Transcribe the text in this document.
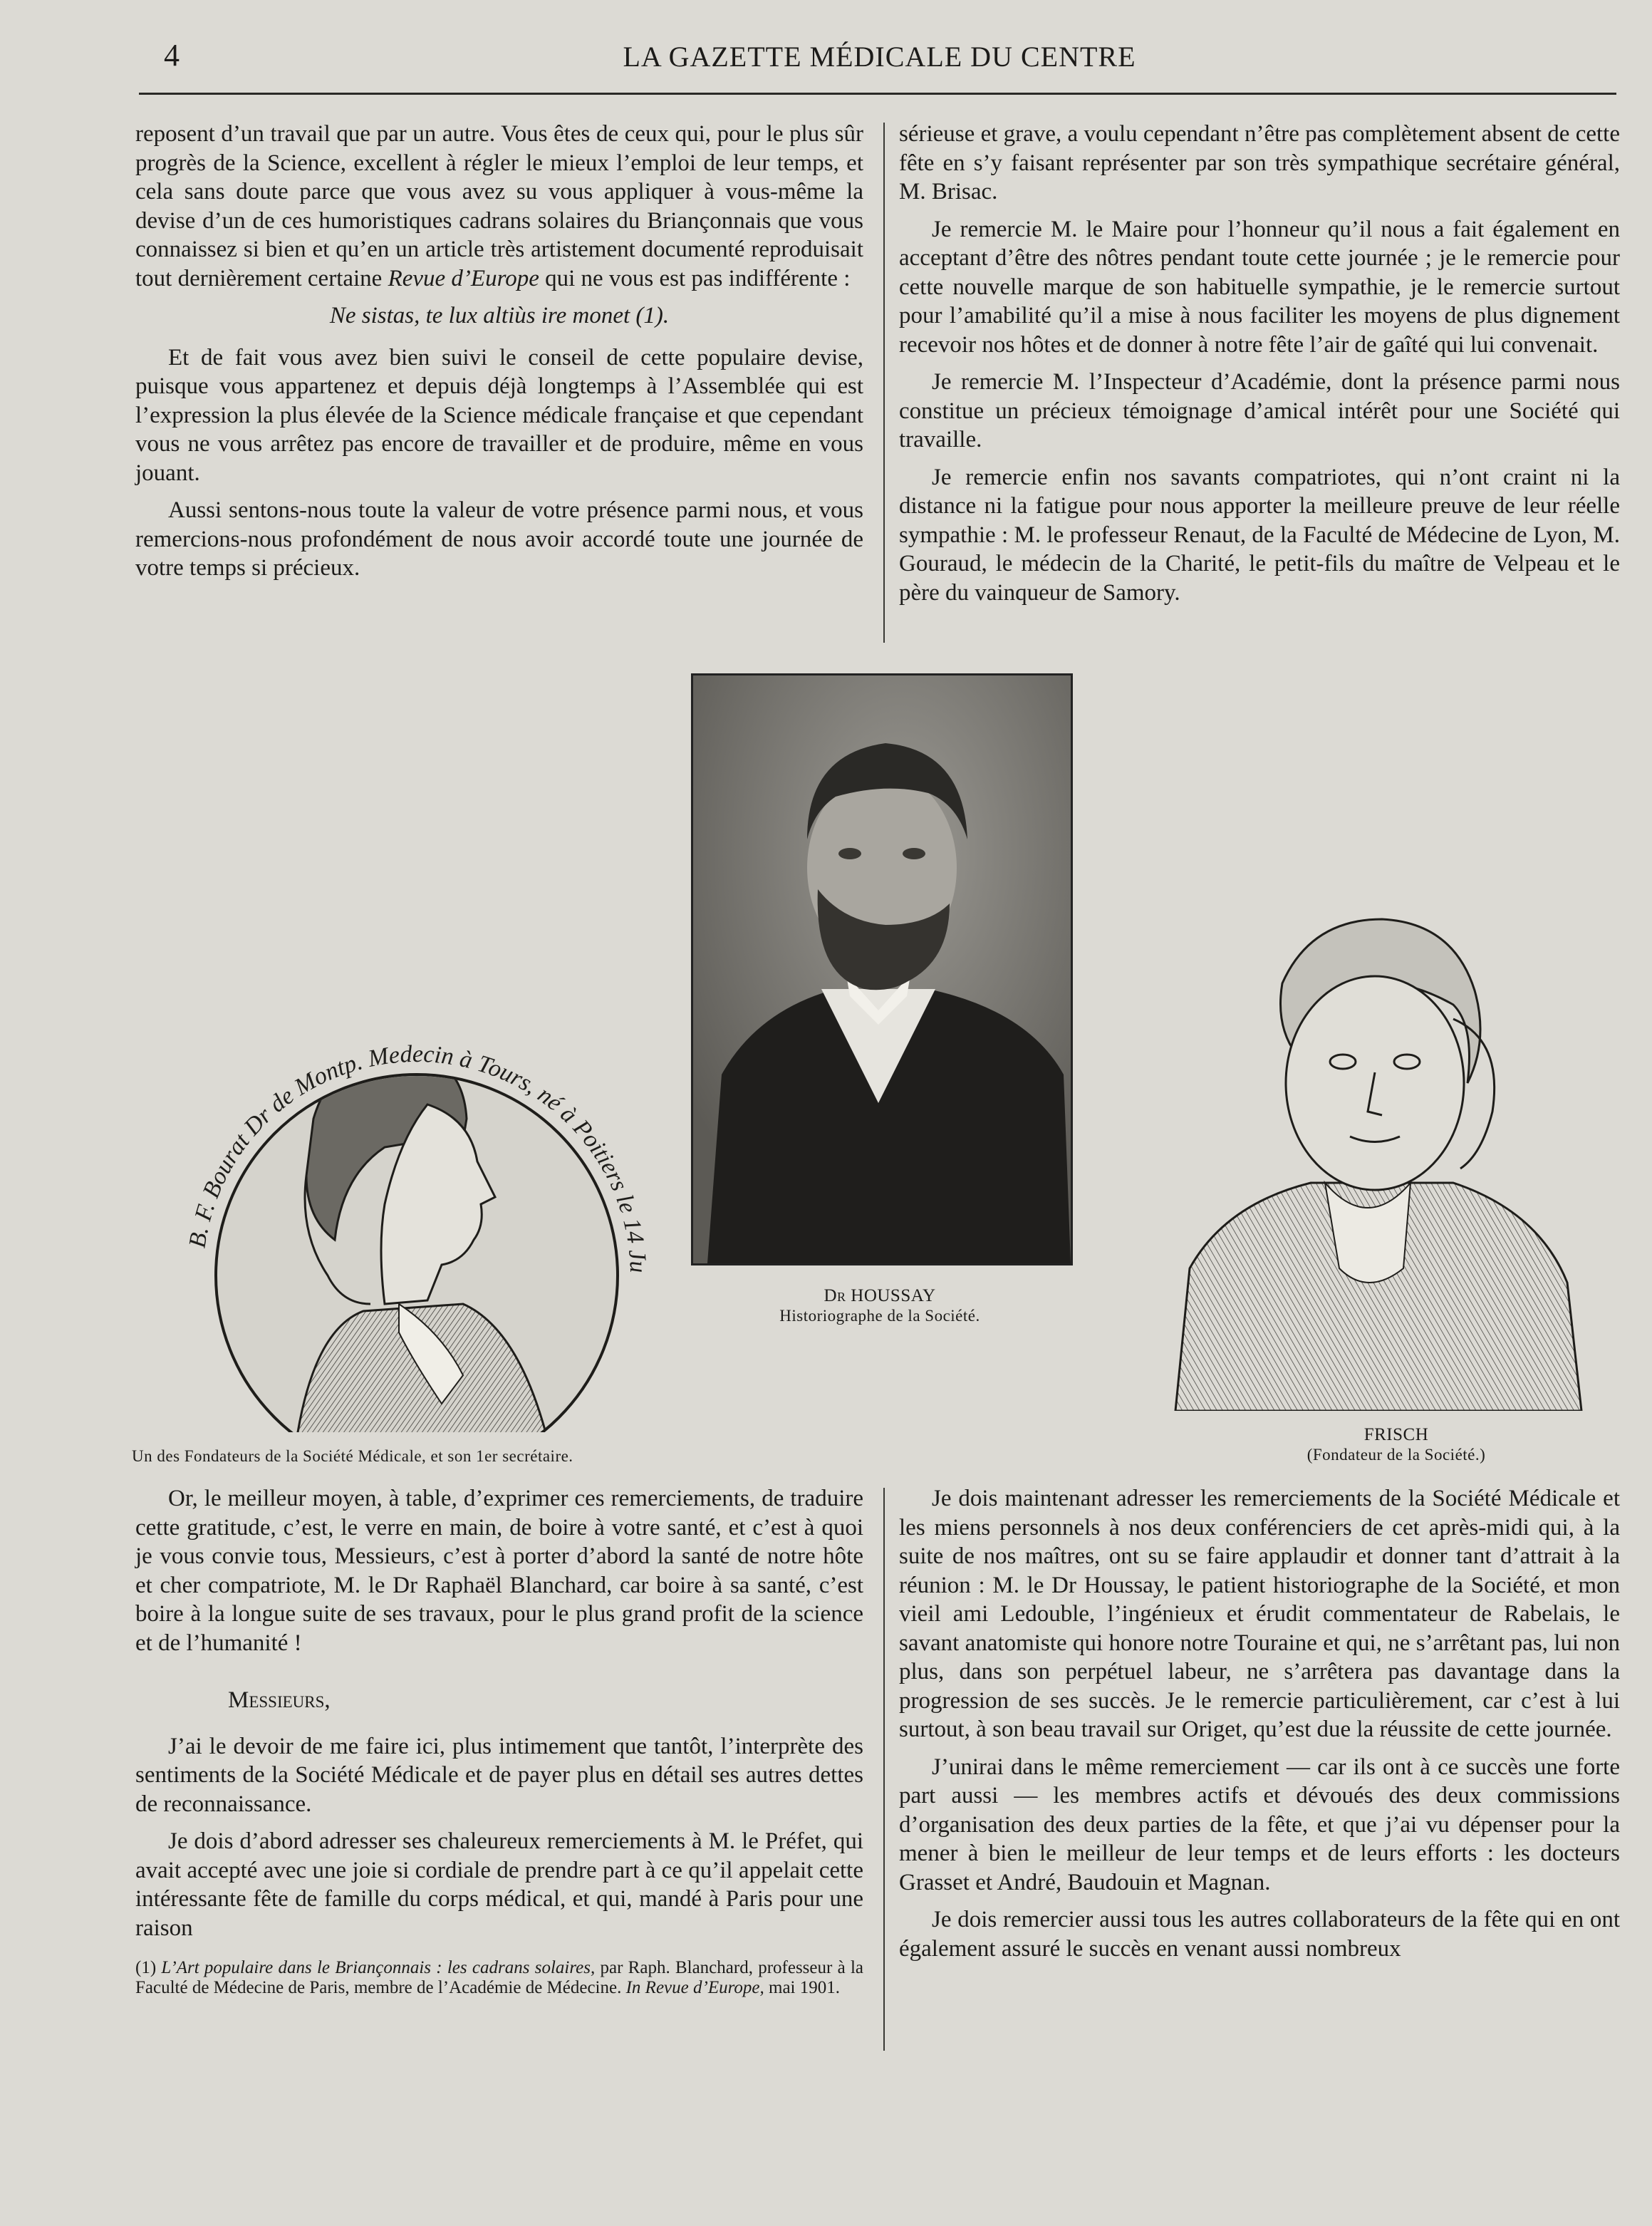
4	LA GAZETTE MÉDICALE DU CENTRE

reposent d’un travail que par un autre. Vous êtes de ceux qui, pour le plus sûr progrès de la Science, excellent à régler le mieux l’emploi de leur temps, et cela sans doute parce que vous avez su vous appliquer à vous-même la devise d’un de ces humoristiques cadrans solaires du Briançonnais que vous connaissez si bien et qu’en un article très artistement documenté reproduisait tout dernièrement certaine Revue d’Europe qui ne vous est pas indifférente :

Ne sistas, te lux altiùs ire monet (1).

Et de fait vous avez bien suivi le conseil de cette populaire devise, puisque vous appartenez et depuis déjà longtemps à l’Assemblée qui est l’expression la plus élevée de la Science médicale française et que cependant vous ne vous arrêtez pas encore de travailler et de produire, même en vous jouant.

Aussi sentons-nous toute la valeur de votre présence parmi nous, et vous remercions-nous profondément de nous avoir accordé toute une journée de votre temps si précieux.

sérieuse et grave, a voulu cependant n’être pas complètement absent de cette fête en s’y faisant représenter par son très sympathique secrétaire général, M. Brisac.

Je remercie M. le Maire pour l’honneur qu’il nous a fait également en acceptant d’être des nôtres pendant toute cette journée ; je le remercie pour cette nouvelle marque de son habituelle sympathie, je le remercie surtout pour l’amabilité qu’il a mise à nous faciliter les moyens de plus dignement recevoir nos hôtes et de donner à notre fête l’air de gaîté qui lui convenait.

Je remercie M. l’Inspecteur d’Académie, dont la présence parmi nous constitue un précieux témoignage d’amical intérêt pour une Société qui travaille.

Je remercie enfin nos savants compatriotes, qui n’ont craint ni la distance ni la fatigue pour nous apporter la meilleure preuve de leur réelle sympathie : M. le professeur Renaut, de la Faculté de Médecine de Lyon, M. Gouraud, le médecin de la Charité, le petit-fils du maître de Velpeau et le père du vainqueur de Samory.

B. F. Bourat Dr de Montp. Medecin à Tours, né à Poitiers le 14 Ju
Un des Fondateurs de la Société Médicale, et son 1er secrétaire.
Dr HOUSSAY
Historiographe de la Société.
FRISCH
(Fondateur de la Société.)

Or, le meilleur moyen, à table, d’exprimer ces remerciements, de traduire cette gratitude, c’est, le verre en main, de boire à votre santé, et c’est à quoi je vous convie tous, Messieurs, c’est à porter d’abord la santé de notre hôte et cher compatriote, M. le Dr Raphaël Blanchard, car boire à sa santé, c’est boire à la longue suite de ses travaux, pour le plus grand profit de la science et de l’humanité !

Messieurs,

J’ai le devoir de me faire ici, plus intimement que tantôt, l’interprète des sentiments de la Société Médicale et de payer plus en détail ses autres dettes de reconnaissance.

Je dois d’abord adresser ses chaleureux remerciements à M. le Préfet, qui avait accepté avec une joie si cordiale de prendre part à ce qu’il appelait cette intéressante fête de famille du corps médical, et qui, mandé à Paris pour une raison

(1) L’Art populaire dans le Briançonnais : les cadrans solaires, par Raph. Blanchard, professeur à la Faculté de Médecine de Paris, membre de l’Académie de Médecine. In Revue d’Europe, mai 1901.

Je dois maintenant adresser les remerciements de la Société Médicale et les miens personnels à nos deux conférenciers de cet après-midi qui, à la suite de nos maîtres, ont su se faire applaudir et donner tant d’attrait à la réunion : M. le Dr Houssay, le patient historiographe de la Société, et mon vieil ami Ledouble, l’ingénieux et érudit commentateur de Rabelais, le savant anatomiste qui honore notre Touraine et qui, ne s’arrêtant pas, lui non plus, dans son perpétuel labeur, ne s’arrêtera pas davantage dans la progression de ses succès. Je le remercie particulièrement, car c’est à lui surtout, à son beau travail sur Origet, qu’est due la réussite de cette journée.

J’unirai dans le même remerciement — car ils ont à ce succès une forte part aussi — les membres actifs et dévoués des deux commissions d’organisation des deux parties de la fête, et que j’ai vu dépenser pour la mener à bien le meilleur de leur temps et de leurs efforts : les docteurs Grasset et André, Baudouin et Magnan.

Je dois remercier aussi tous les autres collaborateurs de la fête qui en ont également assuré le succès en venant aussi nombreux
